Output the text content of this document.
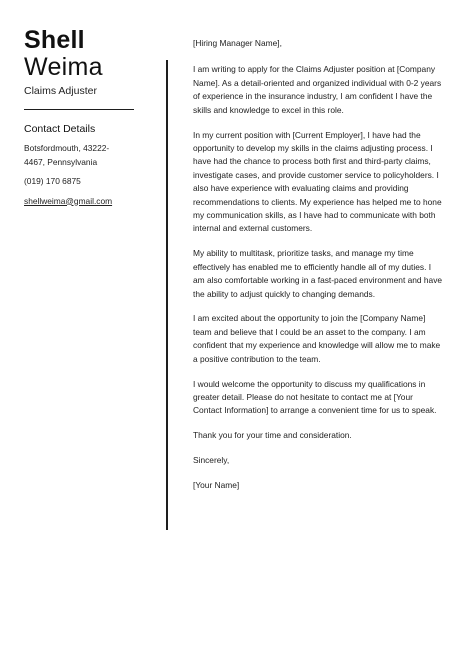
Shell
Weima
Claims Adjuster
Contact Details
Botsfordmouth, 43222-4467, Pennsylvania
(019) 170 6875
shellweima@gmail.com

[Hiring Manager Name],

I am writing to apply for the Claims Adjuster position at [Company Name]. As a detail-oriented and organized individual with 0-2 years of experience in the insurance industry, I am confident I have the skills and knowledge to excel in this role.

In my current position with [Current Employer], I have had the opportunity to develop my skills in the claims adjusting process. I have had the chance to process both first and third-party claims, investigate cases, and provide customer service to policyholders. I also have experience with evaluating claims and providing recommendations to clients. My experience has helped me to hone my communication skills, as I have had to communicate with both internal and external customers.

My ability to multitask, prioritize tasks, and manage my time effectively has enabled me to efficiently handle all of my duties. I am also comfortable working in a fast-paced environment and have the ability to adjust quickly to changing demands.

I am excited about the opportunity to join the [Company Name] team and believe that I could be an asset to the company. I am confident that my experience and knowledge will allow me to make a positive contribution to the team.

I would welcome the opportunity to discuss my qualifications in greater detail. Please do not hesitate to contact me at [Your Contact Information] to arrange a convenient time for us to speak.

Thank you for your time and consideration.

Sincerely,

[Your Name]
